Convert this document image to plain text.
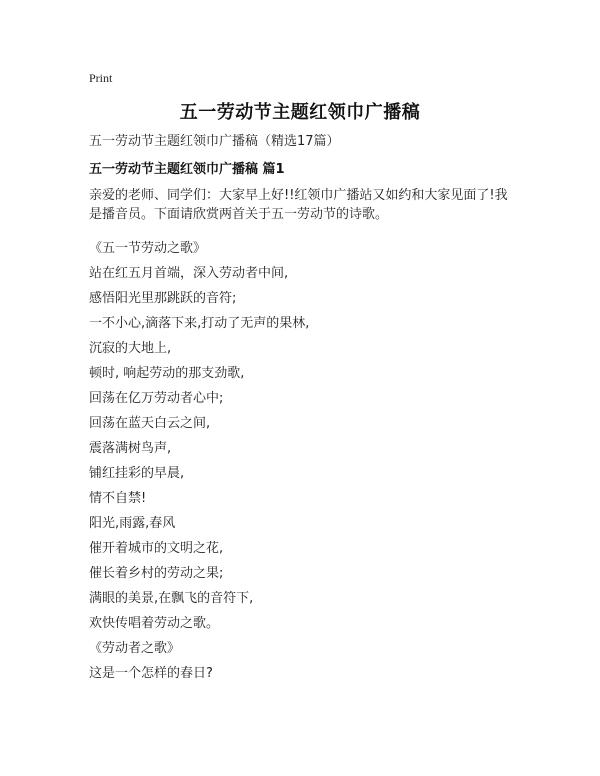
Print
五一劳动节主题红领巾广播稿
五一劳动节主题红领巾广播稿（精选17篇）
五一劳动节主题红领巾广播稿 篇1
亲爱的老师、同学们：大家早上好!!红领巾广播站又如约和大家见面了!我是播音员。下面请欣赏两首关于五一劳动节的诗歌。
《五一节劳动之歌》
站在红五月首端，深入劳动者中间,
感悟阳光里那跳跃的音符;
一不小心,滴落下来,打动了无声的果林,
沉寂的大地上,
顿时, 响起劳动的那支劲歌,
回荡在亿万劳动者心中;
回荡在蓝天白云之间,
震落满树鸟声,
铺红挂彩的早晨,
情不自禁!
阳光,雨露,春风
催开着城市的文明之花,
催长着乡村的劳动之果;
满眼的美景,在飘飞的音符下,
欢快传唱着劳动之歌。
《劳动者之歌》
这是一个怎样的春日?
